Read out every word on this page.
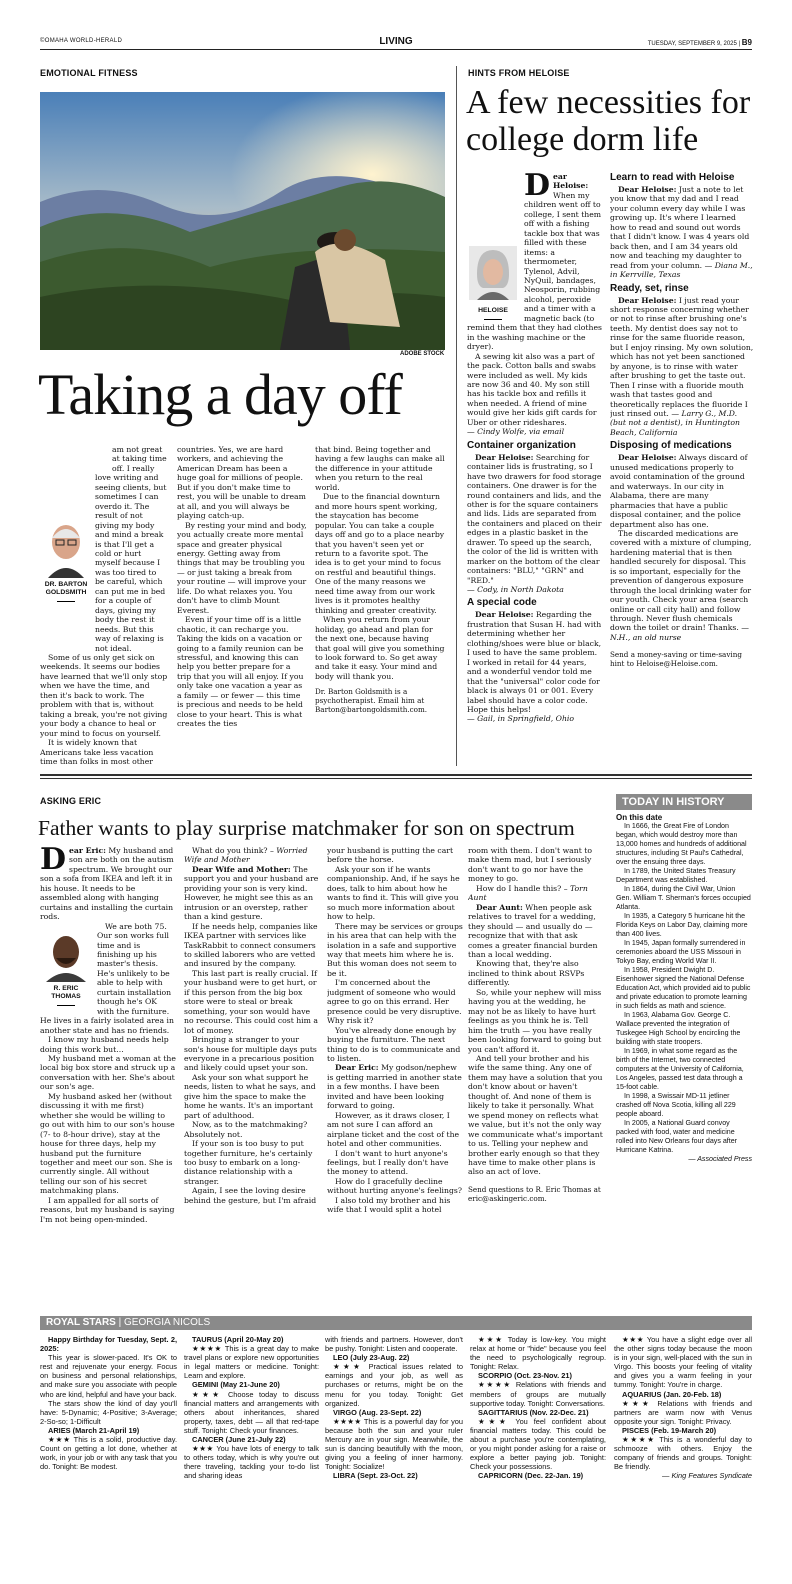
©OMAHA WORLD-HERALD	LIVING	TUESDAY, SEPTEMBER 9, 2025 | B9
EMOTIONAL FITNESS
ADOBE STOCK
Taking a day off
DR. BARTON GOLDSMITH

am not great at taking time off. I really love writing and seeing clients, but sometimes I can overdo it. The result of not giving my body and mind a break is that I'll get a cold or hurt myself because I was too tired to be careful, which can put me in bed for a couple of days, giving my body the rest it needs. But this way of relaxing is not ideal.

Some of us only get sick on weekends. It seems our bodies have learned that we'll only stop when we have the time, and then it's back to work. The problem with that is, without taking a break, you're not giving your body a chance to heal or your mind to focus on yourself.

It is widely known that Americans take less vacation time than folks in most other

countries. Yes, we are hard workers, and achieving the American Dream has been a huge goal for millions of people. But if you don't make time to rest, you will be unable to dream at all, and you will always be playing catch-up.

By resting your mind and body, you actually create more mental space and greater physical energy. Getting away from things that may be troubling you — or just taking a break from your routine — will improve your life. Do what relaxes you. You don't have to climb Mount Everest.

Even if your time off is a little chaotic, it can recharge you. Taking the kids on a vacation or going to a family reunion can be stressful, and knowing this can help you better prepare for a trip that you will all enjoy. If you only take one vacation a year as a family — or fewer — this time is precious and needs to be held close to your heart. This is what creates the ties

that bind. Being together and having a few laughs can make all the difference in your attitude when you return to the real world.

Due to the financial downturn and more hours spent working, the staycation has become popular. You can take a couple days off and go to a place nearby that you haven't seen yet or return to a favorite spot. The idea is to get your mind to focus on restful and beautiful things. One of the many reasons we need time away from our work lives is it promotes healthy thinking and greater creativity.

When you return from your holiday, go ahead and plan for the next one, because having that goal will give you something to look forward to. So get away and take it easy. Your mind and body will thank you.

Dr. Barton Goldsmith is a psychotherapist. Email him at Barton@bartongoldsmith.com.

HINTS FROM HELOISE
A few necessities for college dorm life
HELOISE

Dear Heloise: When my children went off to college, I sent them off with a fishing tackle box that was filled with these items: a thermometer, Tylenol, Advil, NyQuil, bandages, Neosporin, rubbing alcohol, peroxide and a timer with a magnetic back (to remind them that they had clothes in the washing machine or the dryer).

A sewing kit also was a part of the pack. Cotton balls and swabs were included as well. My kids are now 36 and 40. My son still has his tackle box and refills it when needed. A friend of mine would give her kids gift cards for Uber or other rideshares.

— Cindy Wolfe, via email

Container organization

Dear Heloise: Searching for container lids is frustrating, so I have two drawers for food storage containers. One drawer is for the round containers and lids, and the other is for the square containers and lids. Lids are separated from the containers and placed on their edges in a plastic basket in the drawer. To speed up the search, the color of the lid is written with marker on the bottom of the clear containers: "BLU," "GRN" and "RED."

— Cody, in North Dakota

A special code

Dear Heloise: Regarding the frustration that Susan H. had with determining whether her clothing/shoes were blue or black, I used to have the same problem. I worked in retail for 44 years, and a wonderful vendor told me that the "universal" color code for black is always 01 or 001. Every label should have a color code. Hope this helps!

— Gail, in Springfield, Ohio

Learn to read with Heloise

Dear Heloise: Just a note to let you know that my dad and I read your column every day while I was growing up. It's where I learned how to read and sound out words that I didn't know. I was 4 years old back then, and I am 34 years old now and teaching my daughter to read from your column. — Diana M., in Kerrville, Texas

Ready, set, rinse

Dear Heloise: I just read your short response concerning whether or not to rinse after brushing one's teeth. My dentist does say not to rinse for the same fluoride reason, but I enjoy rinsing. My own solution, which has not yet been sanctioned by anyone, is to rinse with water after brushing to get the taste out. Then I rinse with a fluoride mouth wash that tastes good and theoretically replaces the fluoride I just rinsed out. — Larry G., M.D. (but not a dentist), in Huntington Beach, California

Disposing of medications

Dear Heloise: Always discard of unused medications properly to avoid contamination of the ground and waterways. In our city in Alabama, there are many pharmacies that have a public disposal container, and the police department also has one.

The discarded medications are covered with a mixture of clumping, hardening material that is then handled securely for disposal. This is so important, especially for the prevention of dangerous exposure through the local drinking water for our youth. Check your area (search online or call city hall) and follow through. Never flush chemicals down the toilet or drain! Thanks. — N.H., an old nurse

Send a money-saving or time-saving hint to Heloise@Heloise.com.

ASKING ERIC
Father wants to play surprise matchmaker for son on spectrum

Dear Eric: My husband and son are both on the autism spectrum. We brought our son a sofa from IKEA and left it in his house. It needs to be assembled along with hanging curtains and installing the curtain rods.

R. ERIC THOMAS

We are both 75. Our son works full time and is finishing up his master's thesis. He's unlikely to be able to help with curtain installation though he's OK with the furniture. He lives in a fairly isolated area in another state and has no friends.

I know my husband needs help doing this work but…

My husband met a woman at the local big box store and struck up a conversation with her. She's about our son's age.

My husband asked her (without discussing it with me first) whether she would be willing to go out with him to our son's house (7- to 8-hour drive), stay at the house for three days, help my husband put the furniture together and meet our son. She is currently single. All without telling our son of his secret matchmaking plans.

I am appalled for all sorts of reasons, but my husband is saying I'm not being open-minded.

What do you think? – Worried Wife and Mother

Dear Wife and Mother: The support you and your husband are providing your son is very kind. However, he might see this as an intrusion or an overstep, rather than a kind gesture.

If he needs help, companies like IKEA partner with services like TaskRabbit to connect consumers to skilled laborers who are vetted and insured by the company.

This last part is really crucial. If your husband were to get hurt, or if this person from the big box store were to steal or break something, your son would have no recourse. This could cost him a lot of money.

Bringing a stranger to your son's house for multiple days puts everyone in a precarious position and likely could upset your son.

Ask your son what support he needs, listen to what he says, and give him the space to make the home he wants. It's an important part of adulthood.

Now, as to the matchmaking? Absolutely not.

If your son is too busy to put together furniture, he's certainly too busy to embark on a long-distance relationship with a stranger.

Again, I see the loving desire behind the gesture, but I'm afraid

your husband is putting the cart before the horse.

Ask your son if he wants companionship. And, if he says he does, talk to him about how he wants to find it. This will give you so much more information about how to help.

There may be services or groups in his area that can help with the isolation in a safe and supportive way that meets him where he is. But this woman does not seem to be it.

I'm concerned about the judgment of someone who would agree to go on this errand. Her presence could be very disruptive. Why risk it?

You've already done enough by buying the furniture. The next thing to do is to communicate and to listen.

Dear Eric: My godson/nephew is getting married in another state in a few months. I have been invited and have been looking forward to going.

However, as it draws closer, I am not sure I can afford an airplane ticket and the cost of the hotel and other communities.

I don't want to hurt anyone's feelings, but I really don't have the money to attend.

How do I gracefully decline without hurting anyone's feelings?

I also told my brother and his wife that I would split a hotel

room with them. I don't want to make them mad, but I seriously don't want to go nor have the money to go.

How do I handle this? – Torn Aunt

Dear Aunt: When people ask relatives to travel for a wedding, they should — and usually do — recognize that with that ask comes a greater financial burden than a local wedding.

Knowing that, they're also inclined to think about RSVPs differently.

So, while your nephew will miss having you at the wedding, he may not be as likely to have hurt feelings as you think he is. Tell him the truth — you have really been looking forward to going but you can't afford it.

And tell your brother and his wife the same thing. Any one of them may have a solution that you don't know about or haven't thought of. And none of them is likely to take it personally. What we spend money on reflects what we value, but it's not the only way we communicate what's important to us. Telling your nephew and brother early enough so that they have time to make other plans is also an act of love.

Send questions to R. Eric Thomas at eric@askingeric.com.

TODAY IN HISTORY
On this date

In 1666, the Great Fire of London began, which would destroy more than 13,000 homes and hundreds of additional structures, including St Paul's Cathedral, over the ensuing three days.

In 1789, the United States Treasury Department was established.

In 1864, during the Civil War, Union Gen. William T. Sherman's forces occupied Atlanta.

In 1935, a Category 5 hurricane hit the Florida Keys on Labor Day, claiming more than 400 lives.

In 1945, Japan formally surrendered in ceremonies aboard the USS Missouri in Tokyo Bay, ending World War II.

In 1958, President Dwight D. Eisenhower signed the National Defense Education Act, which provided aid to public and private education to promote learning in such fields as math and science.

In 1963, Alabama Gov. George C. Wallace prevented the integration of Tuskegee High School by encircling the building with state troopers.

In 1969, in what some regard as the birth of the Internet, two connected computers at the University of California, Los Angeles, passed test data through a 15-foot cable.

In 1998, a Swissair MD-11 jetliner crashed off Nova Scotia, killing all 229 people aboard.

In 2005, a National Guard convoy packed with food, water and medicine rolled into New Orleans four days after Hurricane Katrina.

— Associated Press
ROYAL STARS | GEORGIA NICOLS

Happy Birthday for Tuesday, Sept. 2, 2025:

This year is slower-paced. It's OK to rest and rejuvenate your energy. Focus on business and personal relationships, and make sure you associate with people who are kind, helpful and have your back.

The stars show the kind of day you'll have: 5-Dynamic; 4-Positive; 3-Average; 2-So-so; 1-Difficult

ARIES (March 21-April 19)

★★★ This is a solid, productive day. Count on getting a lot done, whether at work, in your job or with any task that you do. Tonight: Be modest.

TAURUS (April 20-May 20)

★★★★ This is a great day to make travel plans or explore new opportunities in legal matters or medicine. Tonight: Learn and explore.

GEMINI (May 21-June 20)

★★★ Choose today to discuss financial matters and arrangements with others about inheritances, shared property, taxes, debt — all that red-tape stuff. Tonight: Check your finances.

CANCER (June 21-July 22)

★★★ You have lots of energy to talk to others today, which is why you're out there traveling, tackling your to-do list and sharing ideas

with friends and partners. However, don't be pushy. Tonight: Listen and cooperate.

LEO (July 23-Aug. 22)

★★★ Practical issues related to earnings and your job, as well as purchases or returns, might be on the menu for you today. Tonight: Get organized.

VIRGO (Aug. 23-Sept. 22)

★★★★ This is a powerful day for you because both the sun and your ruler Mercury are in your sign. Meanwhile, the sun is dancing beautifully with the moon, giving you a feeling of inner harmony. Tonight: Socialize!

LIBRA (Sept. 23-Oct. 22)

★★★ Today is low-key. You might relax at home or "hide" because you feel the need to psychologically regroup. Tonight: Relax.

SCORPIO (Oct. 23-Nov. 21)

★★★★ Relations with friends and members of groups are mutually supportive today. Tonight: Conversations.

SAGITTARIUS (Nov. 22-Dec. 21)

★★★ You feel confident about financial matters today. This could be about a purchase you're contemplating, or you might ponder asking for a raise or explore a better paying job. Tonight: Check your possessions.

CAPRICORN (Dec. 22-Jan. 19)

★★★ You have a slight edge over all the other signs today because the moon is in your sign, well-placed with the sun in Virgo. This boosts your feeling of vitality and gives you a warm feeling in your tummy. Tonight: You're in charge.

AQUARIUS (Jan. 20-Feb. 18)

★★★ Relations with friends and partners are warm now with Venus opposite your sign. Tonight: Privacy.

PISCES (Feb. 19-March 20)

★★★★ This is a wonderful day to schmooze with others. Enjoy the company of friends and groups. Tonight: Be friendly.

— King Features Syndicate
